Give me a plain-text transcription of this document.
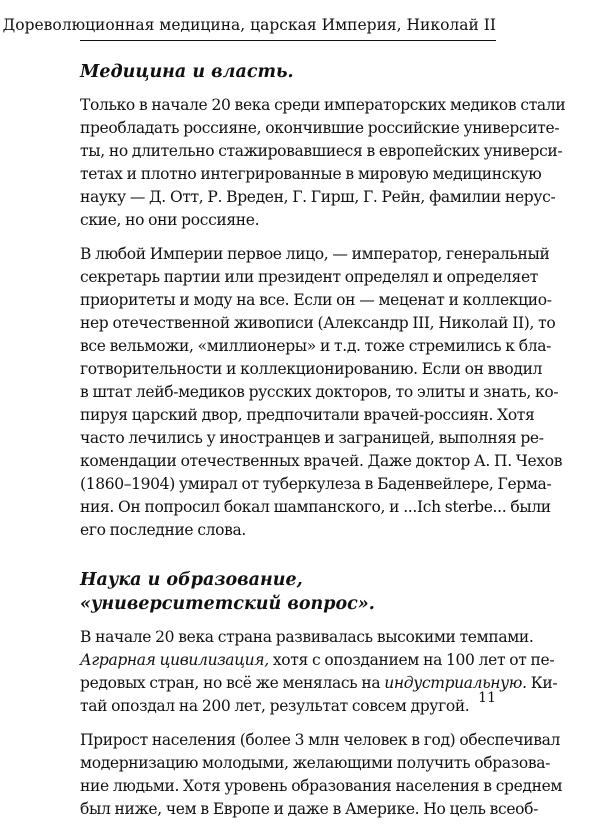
Дореволюционная медицина, царская Империя, Николай II
Медицина и власть.

Только в начале 20 века среди императорских медиков стали
преобладать россияне, окончившие российские университе-
ты, но длительно стажировавшиеся в европейских универси-
тетах и плотно интегрированные в мировую медицинскую
науку — Д. Отт, Р. Вреден, Г. Гирш, Г. Рейн, фамилии нерус-
ские, но они россияне.

В любой Империи первое лицо, — император, генеральный
секретарь партии или президент определял и определяет
приоритеты и моду на все. Если он — меценат и коллекцио-
нер отечественной живописи (Александр III, Николай II), то
все вельможи, «миллионеры» и т.д. тоже стремились к бла-
готворительности и коллекционированию. Если он вводил
в штат лейб-медиков русских докторов, то элиты и знать, ко-
пируя царский двор, предпочитали врачей-россиян. Хотя
часто лечились у иностранцев и заграницей, выполняя ре-
комендации отечественных врачей. Даже доктор А. П. Чехов
(1860–1904) умирал от туберкулеза в Баденвейлере, Герма-
ния. Он попросил бокал шампанского, и ...Ich sterbe... были
его последние слова.

Наука и образование,
«университетский вопрос».

В начале 20 века страна развивалась высокими темпами.
Аграрная цивилизация, хотя с опозданием на 100 лет от пе-
редовых стран, но всё же менялась на индустриальную. Ки-
тай опоздал на 200 лет, результат совсем другой.

Прирост населения (более 3 млн человек в год) обеспечивал
модернизацию молодыми, желающими получить образова-
ние людьми. Хотя уровень образования населения в среднем
был ниже, чем в Европе и даже в Америке. Но цель всеоб-

11
